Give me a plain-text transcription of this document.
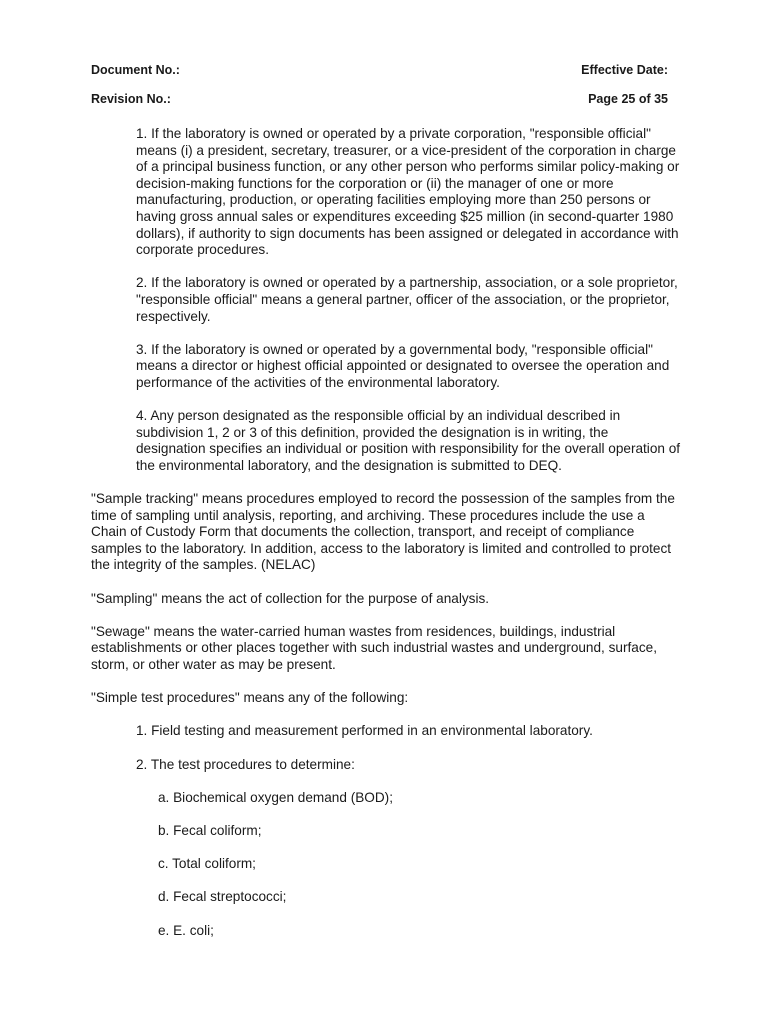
Document No.:	Effective Date:
Revision No.:	Page 25 of 35

1. If the laboratory is owned or operated by a private corporation, "responsible official" means (i) a president, secretary, treasurer, or a vice-president of the corporation in charge of a principal business function, or any other person who performs similar policy-making or decision-making functions for the corporation or (ii) the manager of one or more manufacturing, production, or operating facilities employing more than 250 persons or having gross annual sales or expenditures exceeding $25 million (in second-quarter 1980 dollars), if authority to sign documents has been assigned or delegated in accordance with corporate procedures.

2. If the laboratory is owned or operated by a partnership, association, or a sole proprietor, "responsible official" means a general partner, officer of the association, or the proprietor, respectively.

3. If the laboratory is owned or operated by a governmental body, "responsible official" means a director or highest official appointed or designated to oversee the operation and performance of the activities of the environmental laboratory.

4. Any person designated as the responsible official by an individual described in subdivision 1, 2 or 3 of this definition, provided the designation is in writing, the designation specifies an individual or position with responsibility for the overall operation of the environmental laboratory, and the designation is submitted to DEQ.

"Sample tracking" means procedures employed to record the possession of the samples from the time of sampling until analysis, reporting, and archiving. These procedures include the use a Chain of Custody Form that documents the collection, transport, and receipt of compliance samples to the laboratory. In addition, access to the laboratory is limited and controlled to protect the integrity of the samples. (NELAC)

"Sampling" means the act of collection for the purpose of analysis.

"Sewage" means the water-carried human wastes from residences, buildings, industrial establishments or other places together with such industrial wastes and underground, surface, storm, or other water as may be present.

"Simple test procedures" means any of the following:

1. Field testing and measurement performed in an environmental laboratory.

2. The test procedures to determine:

a. Biochemical oxygen demand (BOD);

b. Fecal coliform;

c. Total coliform;

d. Fecal streptococci;

e. E. coli;
